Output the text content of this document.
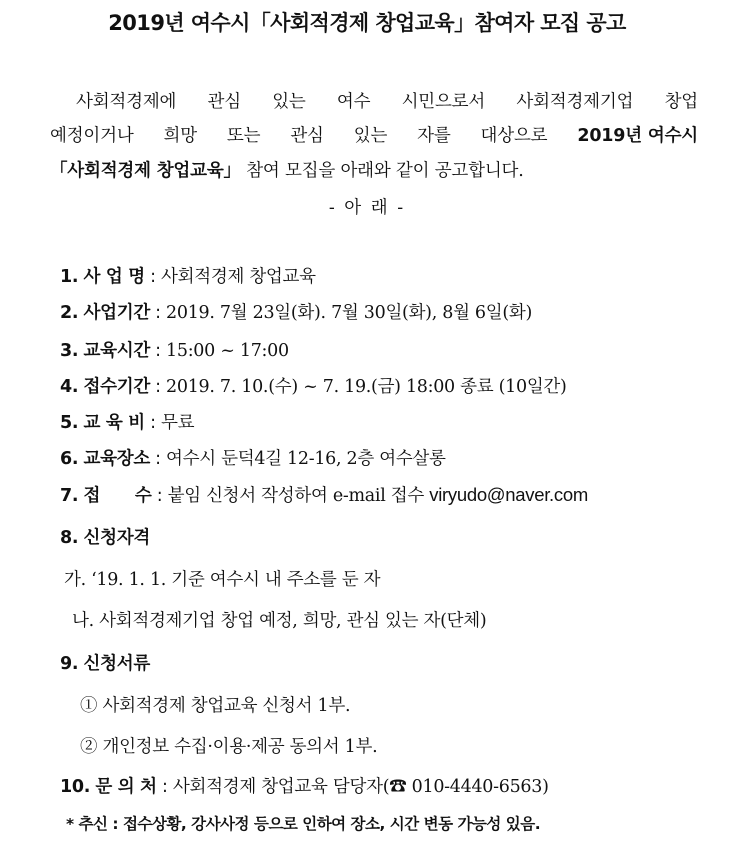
2019년 여수시「사회적경제 창업교육」참여자 모집 공고
사회적경제에 관심 있는 여수 시민으로서 사회적경제기업 창업
예정이거나 희망 또는 관심 있는 자를 대상으로 2019년 여수시
「사회적경제 창업교육」 참여 모집을 아래와 같이 공고합니다.
- 아 래 -
1. 사 업 명 : 사회적경제 창업교육
2. 사업기간 : 2019. 7월 23일(화). 7월 30일(화), 8월 6일(화)
3. 교육시간 : 15:00 ~ 17:00
4. 접수기간 : 2019. 7. 10.(수) ~ 7. 19.(금) 18:00 종료 (10일간)
5. 교 육 비 : 무료
6. 교육장소 : 여수시 둔덕4길 12-16, 2층 여수살롱
7. 접      수 : 붙임 신청서 작성하여 e-mail 접수 viryudo@naver.com
8. 신청자격
가. ‘19. 1. 1. 기준 여수시 내 주소를 둔 자
나. 사회적경제기업 창업 예정, 희망, 관심 있는 자(단체)
9. 신청서류
① 사회적경제 창업교육 신청서 1부.
② 개인정보 수집·이용·제공 동의서 1부.
10. 문 의 처 : 사회적경제 창업교육 담당자(☎ 010-4440-6563)
* 추신 : 접수상황, 강사사정 등으로 인하여 장소, 시간 변동 가능성 있음.
